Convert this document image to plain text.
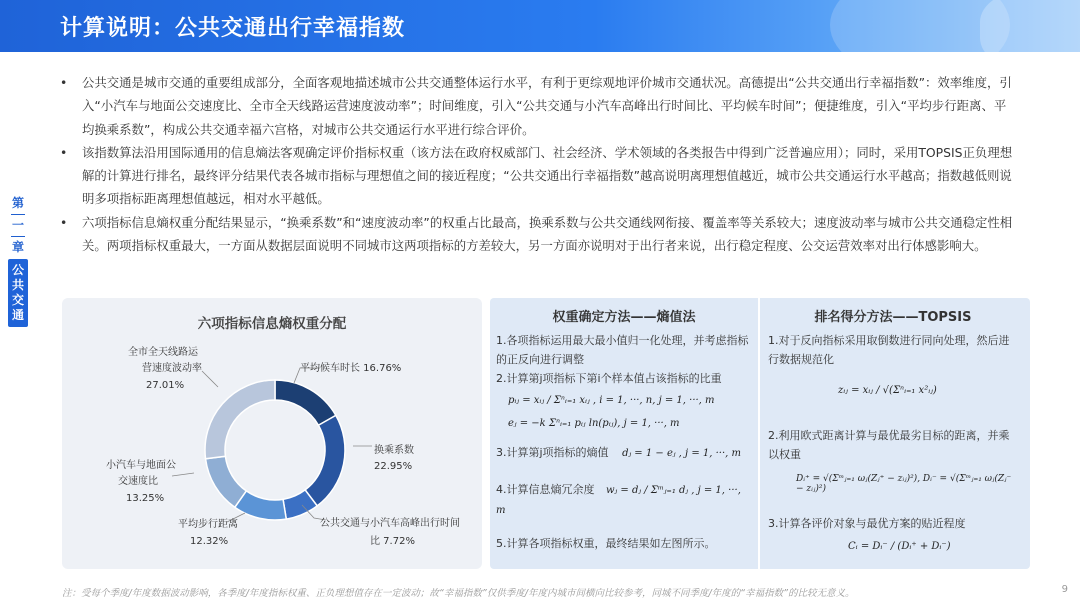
计算说明：公共交通出行幸福指数
第
一
章
公
共
交
通
• 公共交通是城市交通的重要组成部分，全面客观地描述城市公共交通整体运行水平，有利于更综观地评价城市交通状况。高德提出“公共交通出行幸福指数”：效率维度，引入“小汽车与地面公交速度比、全市全天线路运营速度波动率”；时间维度，引入“公共交通与小汽车高峰出行时间比、平均候车时间”；便捷维度，引入“平均步行距离、平均换乘系数”，构成公共交通幸福六宫格，对城市公共交通运行水平进行综合评价。
• 该指数算法沿用国际通用的信息熵法客观确定评价指标权重（该方法在政府权威部门、社会经济、学术领域的各类报告中得到广泛普遍应用）；同时，采用TOPSIS正负理想解的计算进行排名，最终评分结果代表各城市指标与理想值之间的接近程度；“公共交通出行幸福指数”越高说明离理想值越近，城市公共交通运行水平越高；指数越低则说明多项指标距离理想值越远，相对水平越低。
• 六项指标信息熵权重分配结果显示，“换乘系数”和“速度波动率”的权重占比最高，换乘系数与公共交通线网衔接、覆盖率等关系较大；速度波动率与城市公共交通稳定性相关。两项指标权重最大，一方面从数据层面说明不同城市这两项指标的方差较大，另一方面亦说明对于出行者来说，出行稳定程度、公交运营效率对出行体感影响大。
六项指标信息熵权重分配
平均候车时长 16.76%
换乘系数
22.95%
公共交通与小汽车高峰出行时间
比 7.72%
平均步行距离
12.32%
小汽车与地面公
交速度比
13.25%
全市全天线路运
营速度波动率
27.01%
权重确定方法——熵值法
1.各项指标运用最大最小值归一化处理，并考虑指标的正反向进行调整
2.计算第j项指标下第i个样本值占该指标的比重
pᵢⱼ = xᵢⱼ / Σⁿᵢ₌₁ xᵢⱼ , i = 1, ···, n, j = 1, ···, m
eⱼ = −k Σⁿᵢ₌₁ pᵢⱼ ln(pᵢⱼ), j = 1, ···, m
3.计算第j项指标的熵值 dⱼ = 1 − eⱼ , j = 1, ···, m
4.计算信息熵冗余度 wⱼ = dⱼ / Σᵐⱼ₌₁ dⱼ , j = 1, ···, m
5.计算各项指标权重，最终结果如左图所示。
排名得分方法——TOPSIS
1.对于反向指标采用取倒数进行同向处理，然后进行数据规范化
zᵢⱼ = xᵢⱼ / √(Σⁿᵢ₌₁ x²ᵢⱼ)
2.利用欧式距离计算与最优最劣目标的距离，并乘以权重
Dᵢ⁺ = √(Σᵐⱼ₌₁ ωⱼ(Zⱼ⁺ − zᵢⱼ)²), Dᵢ⁻ = √(Σᵐⱼ₌₁ ωⱼ(Zⱼ⁻ − zᵢⱼ)²)
3.计算各评价对象与最优方案的贴近程度
Cᵢ = Dᵢ⁻ / (Dᵢ⁺ + Dᵢ⁻)
注：受每个季度/年度数据波动影响，各季度/年度指标权重、正负理想值存在一定波动；故“幸福指数”仅供季度/年度内城市间横向比较参考，同城不同季度/年度的“幸福指数”的比较无意义。	9
